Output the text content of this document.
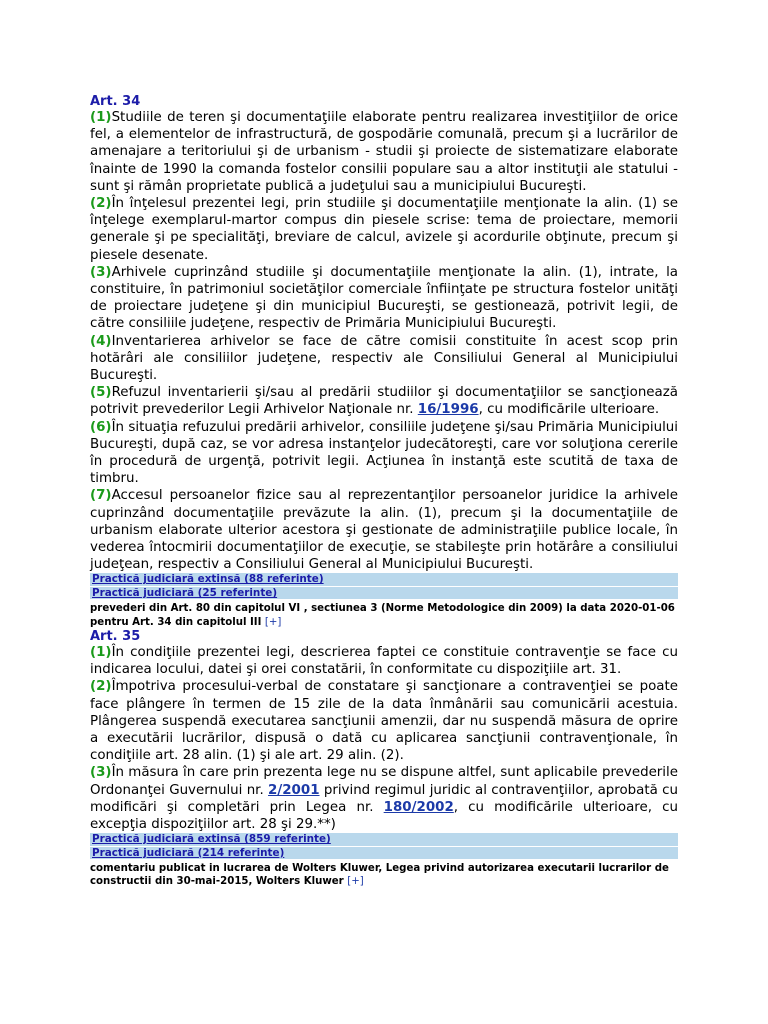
Art. 34

(1)Studiile de teren şi documentaţiile elaborate pentru realizarea investiţiilor de orice fel, a elementelor de infrastructură, de gospodărie comunală, precum şi a lucrărilor de amenajare a teritoriului şi de urbanism - studii şi proiecte de sistematizare elaborate înainte de 1990 la comanda fostelor consilii populare sau a altor instituţii ale statului - sunt şi rămân proprietate publică a judeţului sau a municipiului Bucureşti.

(2)În înţelesul prezentei legi, prin studiile şi documentaţiile menţionate la alin. (1) se înţelege exemplarul-martor compus din piesele scrise: tema de proiectare, memorii generale şi pe specialităţi, breviare de calcul, avizele şi acordurile obţinute, precum şi piesele desenate.

(3)Arhivele cuprinzând studiile şi documentaţiile menţionate la alin. (1), intrate, la constituire, în patrimoniul societăţilor comerciale înfiinţate pe structura fostelor unităţi de proiectare judeţene şi din municipiul Bucureşti, se gestionează, potrivit legii, de către consiliile judeţene, respectiv de Primăria Municipiului Bucureşti.

(4)Inventarierea arhivelor se face de către comisii constituite în acest scop prin hotărâri ale consiliilor judeţene, respectiv ale Consiliului General al Municipiului Bucureşti.

(5)Refuzul inventarierii şi/sau al predării studiilor şi documentaţiilor se sancţionează potrivit prevederilor Legii Arhivelor Naţionale nr. 16/1996, cu modificările ulterioare.

(6)În situaţia refuzului predării arhivelor, consiliile judeţene şi/sau Primăria Municipiului Bucureşti, după caz, se vor adresa instanţelor judecătoreşti, care vor soluţiona cererile în procedură de urgenţă, potrivit legii. Acţiunea în instanţă este scutită de taxa de timbru.

(7)Accesul persoanelor fizice sau al reprezentanţilor persoanelor juridice la arhivele cuprinzând documentaţiile prevăzute la alin. (1), precum şi la documentaţiile de urbanism elaborate ulterior acestora şi gestionate de administraţiile publice locale, în vederea întocmirii documentaţiilor de execuţie, se stabileşte prin hotărâre a consiliului judeţean, respectiv a Consiliului General al Municipiului Bucureşti.

Practică judiciară extinsă (88 referinte)
Practică judiciară (25 referinte)
prevederi din Art. 80 din capitolul VI , sectiunea 3 (Norme Metodologice din 2009) la data 2020-01-06 pentru Art. 34 din capitolul III [+]
Art. 35

(1)În condiţiile prezentei legi, descrierea faptei ce constituie contravenţie se face cu indicarea locului, datei şi orei constatării, în conformitate cu dispoziţiile art. 31.

(2)Împotriva procesului-verbal de constatare şi sancţionare a contravenţiei se poate face plângere în termen de 15 zile de la data înmânării sau comunicării acestuia. Plângerea suspendă executarea sancţiunii amenzii, dar nu suspendă măsura de oprire a executării lucrărilor, dispusă o dată cu aplicarea sancţiunii contravenţionale, în condiţiile art. 28 alin. (1) şi ale art. 29 alin. (2).

(3)În măsura în care prin prezenta lege nu se dispune altfel, sunt aplicabile prevederile Ordonanţei Guvernului nr. 2/2001 privind regimul juridic al contravenţiilor, aprobată cu modificări şi completări prin Legea nr. 180/2002, cu modificările ulterioare, cu excepţia dispoziţiilor art. 28 şi 29.**)

Practică judiciară extinsă (859 referinte)
Practică judiciară (214 referinte)
comentariu publicat in lucrarea de Wolters Kluwer, Legea privind autorizarea executarii lucrarilor de constructii din 30-mai-2015, Wolters Kluwer [+]
